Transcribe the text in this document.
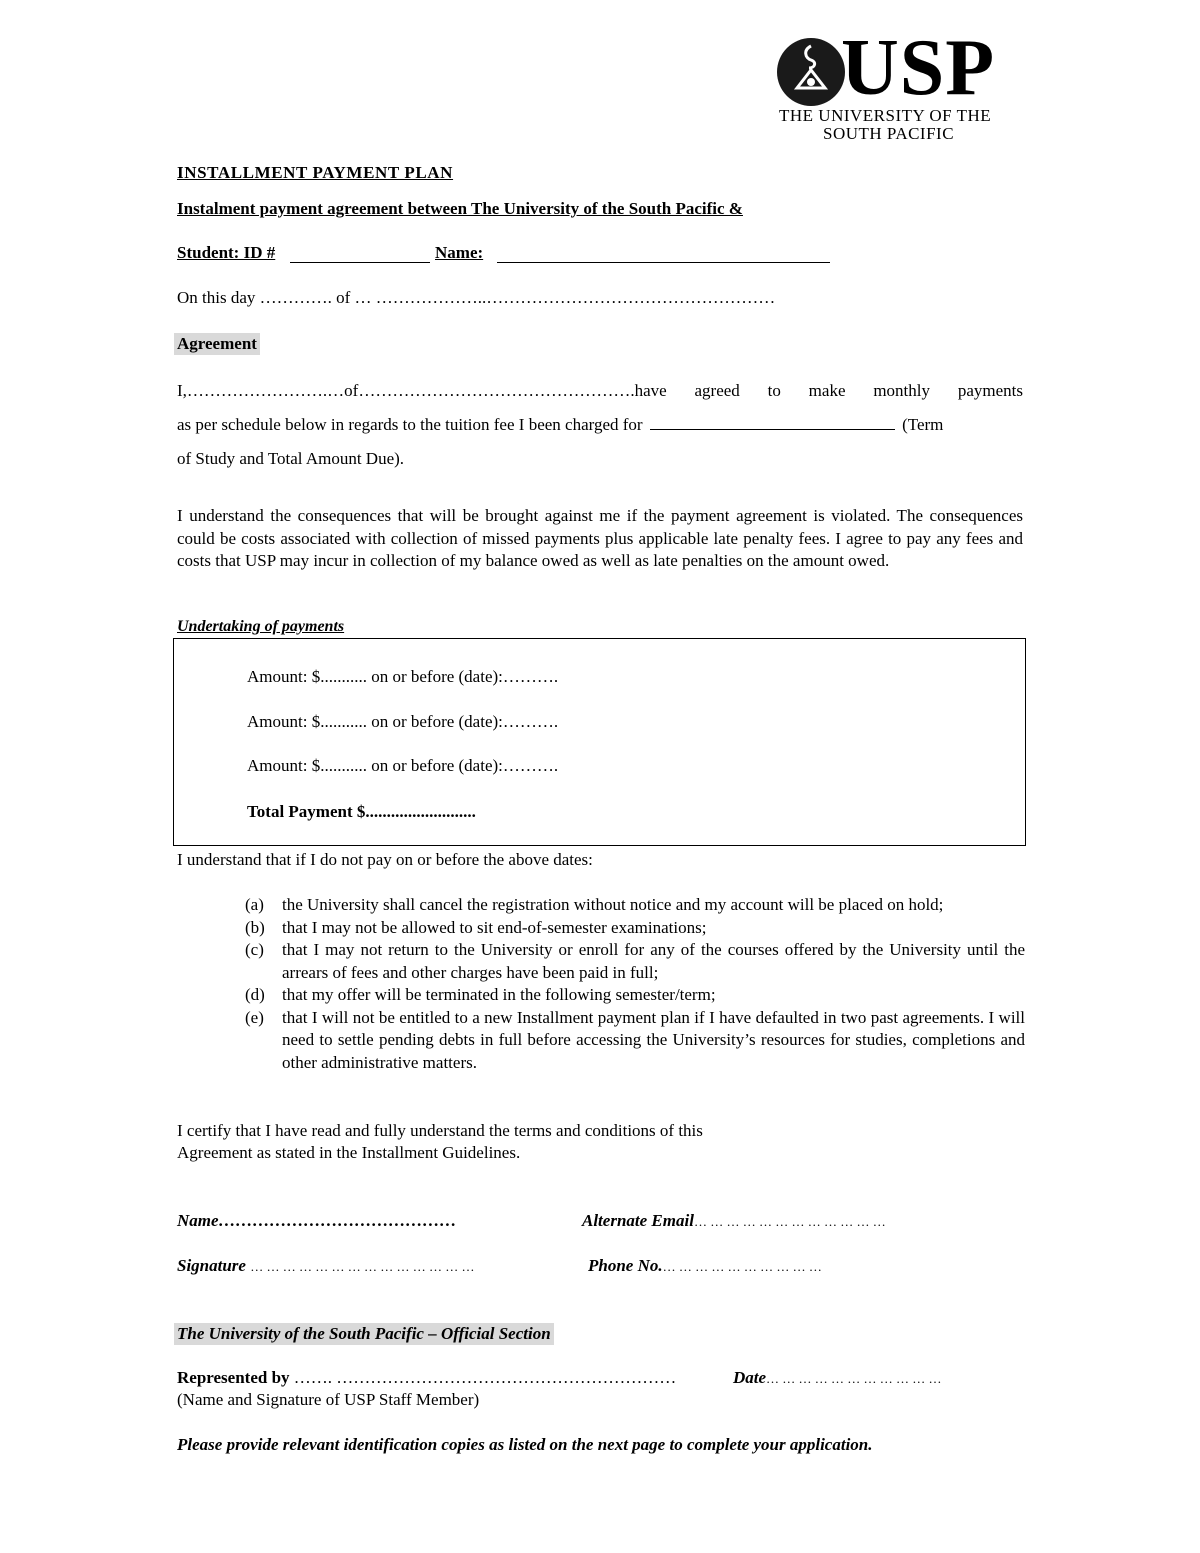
USP
THE UNIVERSITY OF THE
SOUTH PACIFIC
INSTALLMENT PAYMENT PLAN
Instalment payment agreement between The University of the South Pacific &
Student: ID #	Name:
On this day …………. of … ………………..……………………………………………
Agreement
I,…………………….…of………………………………………….have agreed to make monthly payments
as per schedule below in regards to the tuition fee I been charged for	(Term
of Study and Total Amount Due).
I understand the consequences that will be brought against me if the payment agreement is violated. The consequences could be costs associated with collection of missed payments plus applicable late penalty fees. I agree to pay any fees and costs that USP may incur in collection of my balance owed as well as late penalties on the amount owed.
Undertaking of payments
Amount: $........... on or before (date):……….
Amount: $........... on or before (date):……….
Amount: $........... on or before (date):……….
Total Payment $..........................
I understand that if I do not pay on or before the above dates:
(a) the University shall cancel the registration without notice and my account will be placed on hold;
(b) that I may not be allowed to sit end-of-semester examinations;
(c) that I may not return to the University or enroll for any of the courses offered by the University until the arrears of fees and other charges have been paid in full;
(d) that my offer will be terminated in the following semester/term;
(e) that I will not be entitled to a new Installment payment plan if I have defaulted in two past agreements. I will need to settle pending debts in full before accessing the University’s resources for studies, completions and other administrative matters.
I certify that I have read and fully understand the terms and conditions of this
Agreement as stated in the Installment Guidelines.
Name……………………………………	Alternate Email… … … … … … … … … … … …
Signature … … … … … … … … … … … … … …	Phone No.… … … … … … … … … …
The University of the South Pacific – Official Section
Represented by ……. ……………………………………………………	Date… … … … … … … … … … …
(Name and Signature of USP Staff Member)
Please provide relevant identification copies as listed on the next page to complete your application.
